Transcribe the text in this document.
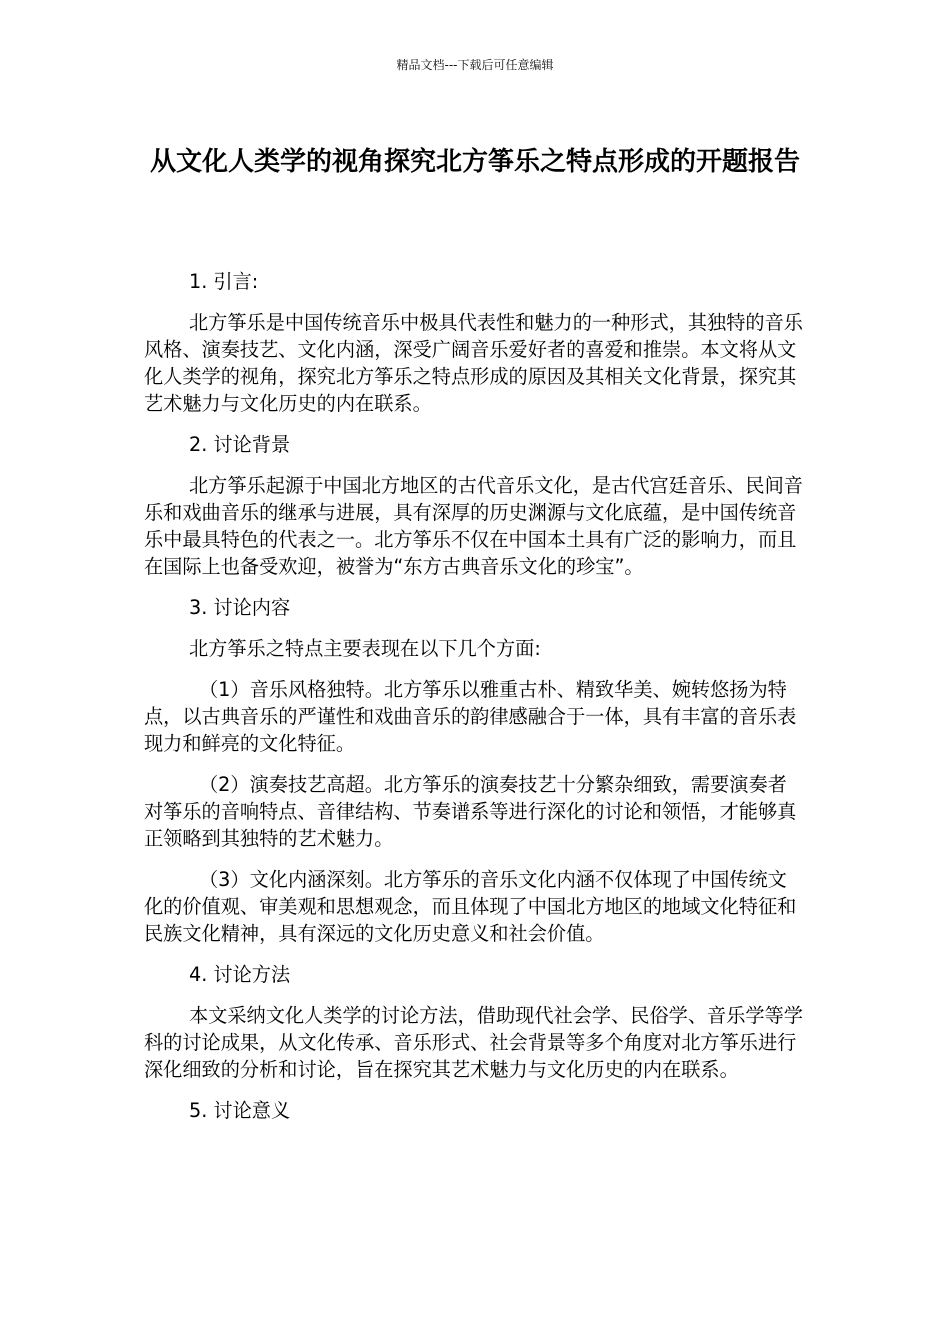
精品文档---下载后可任意编辑
从文化人类学的视角探究北方筝乐之特点形成的开题报告

1. 引言:

北方筝乐是中国传统音乐中极具代表性和魅力的一种形式，其独特的音乐风格、演奏技艺、文化内涵，深受广阔音乐爱好者的喜爱和推崇。本文将从文化人类学的视角，探究北方筝乐之特点形成的原因及其相关文化背景，探究其艺术魅力与文化历史的内在联系。

2. 讨论背景

北方筝乐起源于中国北方地区的古代音乐文化，是古代宫廷音乐、民间音乐和戏曲音乐的继承与进展，具有深厚的历史渊源与文化底蕴，是中国传统音乐中最具特色的代表之一。北方筝乐不仅在中国本土具有广泛的影响力，而且在国际上也备受欢迎，被誉为“东方古典音乐文化的珍宝”。

3. 讨论内容

北方筝乐之特点主要表现在以下几个方面:

（1）音乐风格独特。北方筝乐以雅重古朴、精致华美、婉转悠扬为特点，以古典音乐的严谨性和戏曲音乐的韵律感融合于一体，具有丰富的音乐表现力和鲜亮的文化特征。

（2）演奏技艺高超。北方筝乐的演奏技艺十分繁杂细致，需要演奏者对筝乐的音响特点、音律结构、节奏谱系等进行深化的讨论和领悟，才能够真正领略到其独特的艺术魅力。

（3）文化内涵深刻。北方筝乐的音乐文化内涵不仅体现了中国传统文化的价值观、审美观和思想观念，而且体现了中国北方地区的地域文化特征和民族文化精神，具有深远的文化历史意义和社会价值。

4. 讨论方法

本文采纳文化人类学的讨论方法，借助现代社会学、民俗学、音乐学等学科的讨论成果，从文化传承、音乐形式、社会背景等多个角度对北方筝乐进行深化细致的分析和讨论，旨在探究其艺术魅力与文化历史的内在联系。

5. 讨论意义
